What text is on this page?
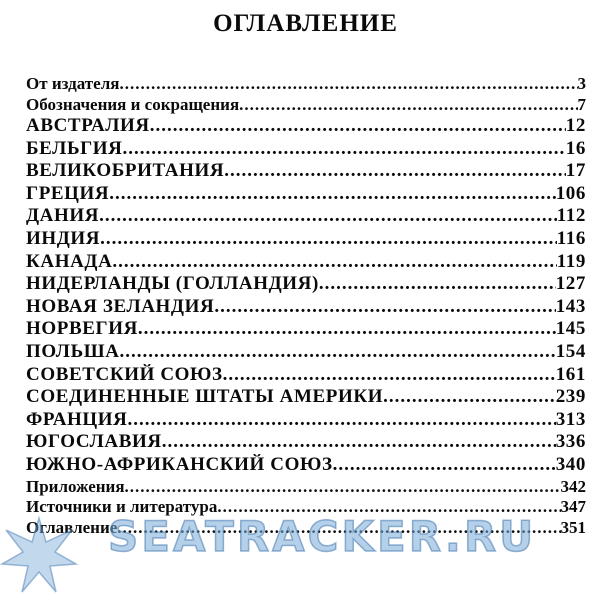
ОГЛАВЛЕНИЕ
От издателя .....	3
Обозначения и сокращения .....	7
АВСТРАЛИЯ .....	12
БЕЛЬГИЯ .....	16
ВЕЛИКОБРИТАНИЯ .....	17
ГРЕЦИЯ .....	106
ДАНИЯ .....	112
ИНДИЯ .....	116
КАНАДА .....	119
НИДЕРЛАНДЫ (ГОЛЛАНДИЯ) .....	127
НОВАЯ ЗЕЛАНДИЯ .....	143
НОРВЕГИЯ .....	145
ПОЛЬША .....	154
СОВЕТСКИЙ СОЮЗ .....	161
СОЕДИНЕННЫЕ ШТАТЫ АМЕРИКИ .....	239
ФРАНЦИЯ .....	313
ЮГОСЛАВИЯ .....	336
ЮЖНО-АФРИКАНСКИЙ СОЮЗ .....	340
Приложения .....	342
Источники и литература .....	347
Оглавление .....	351
SEATRACKER.RU
